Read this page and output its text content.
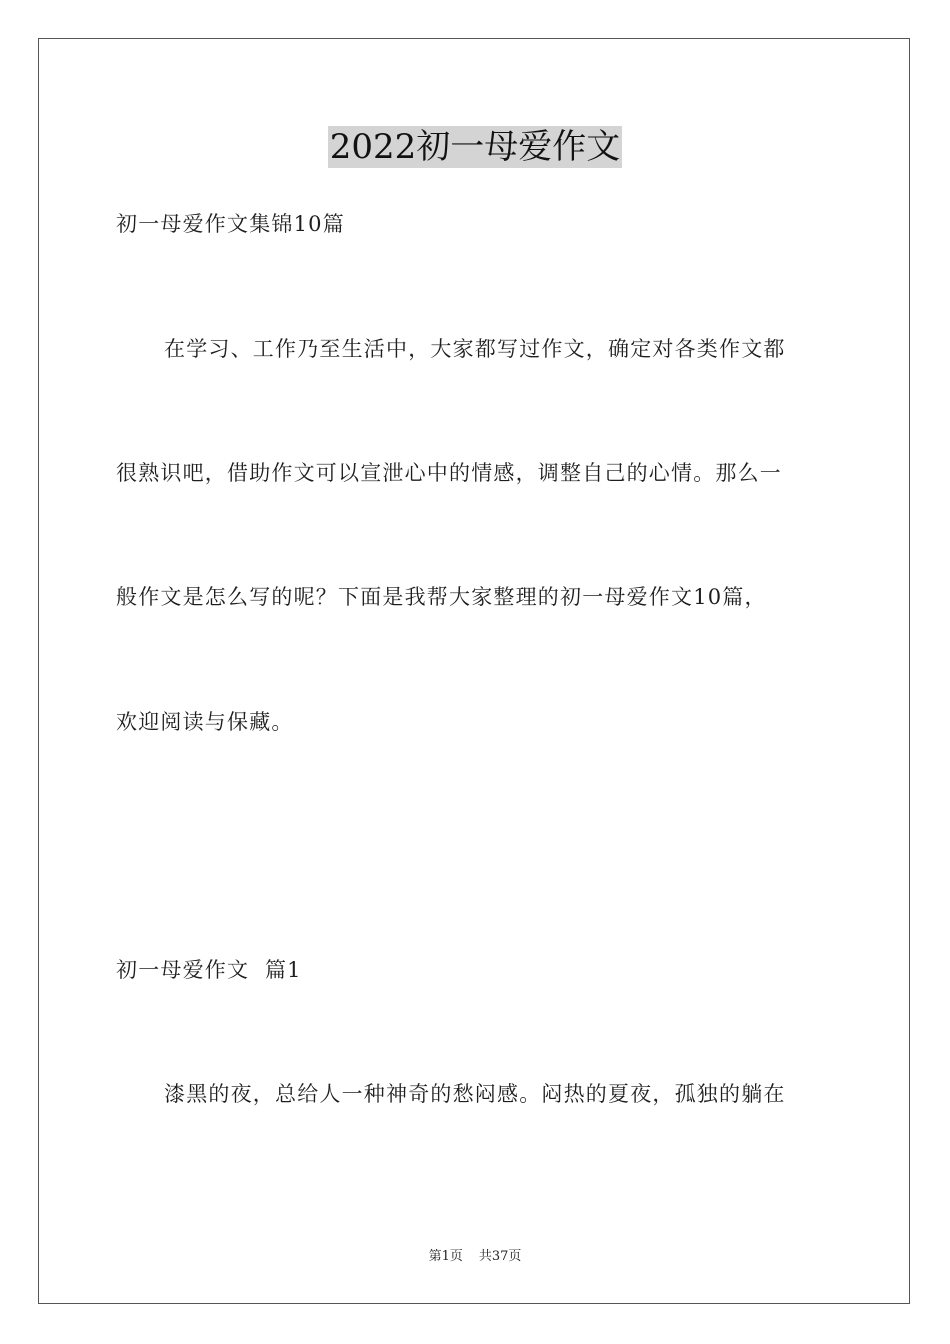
2022初一母爱作文
初一母爱作文集锦10篇
在学习、工作乃至生活中，大家都写过作文，确定对各类作文都
很熟识吧，借助作文可以宣泄心中的情感，调整自己的心情。那么一
般作文是怎么写的呢？下面是我帮大家整理的初一母爱作文10篇，
欢迎阅读与保藏。
初一母爱作文  篇1
漆黑的夜，总给人一种神奇的愁闷感。闷热的夏夜，孤独的躺在
第1页 共37页
